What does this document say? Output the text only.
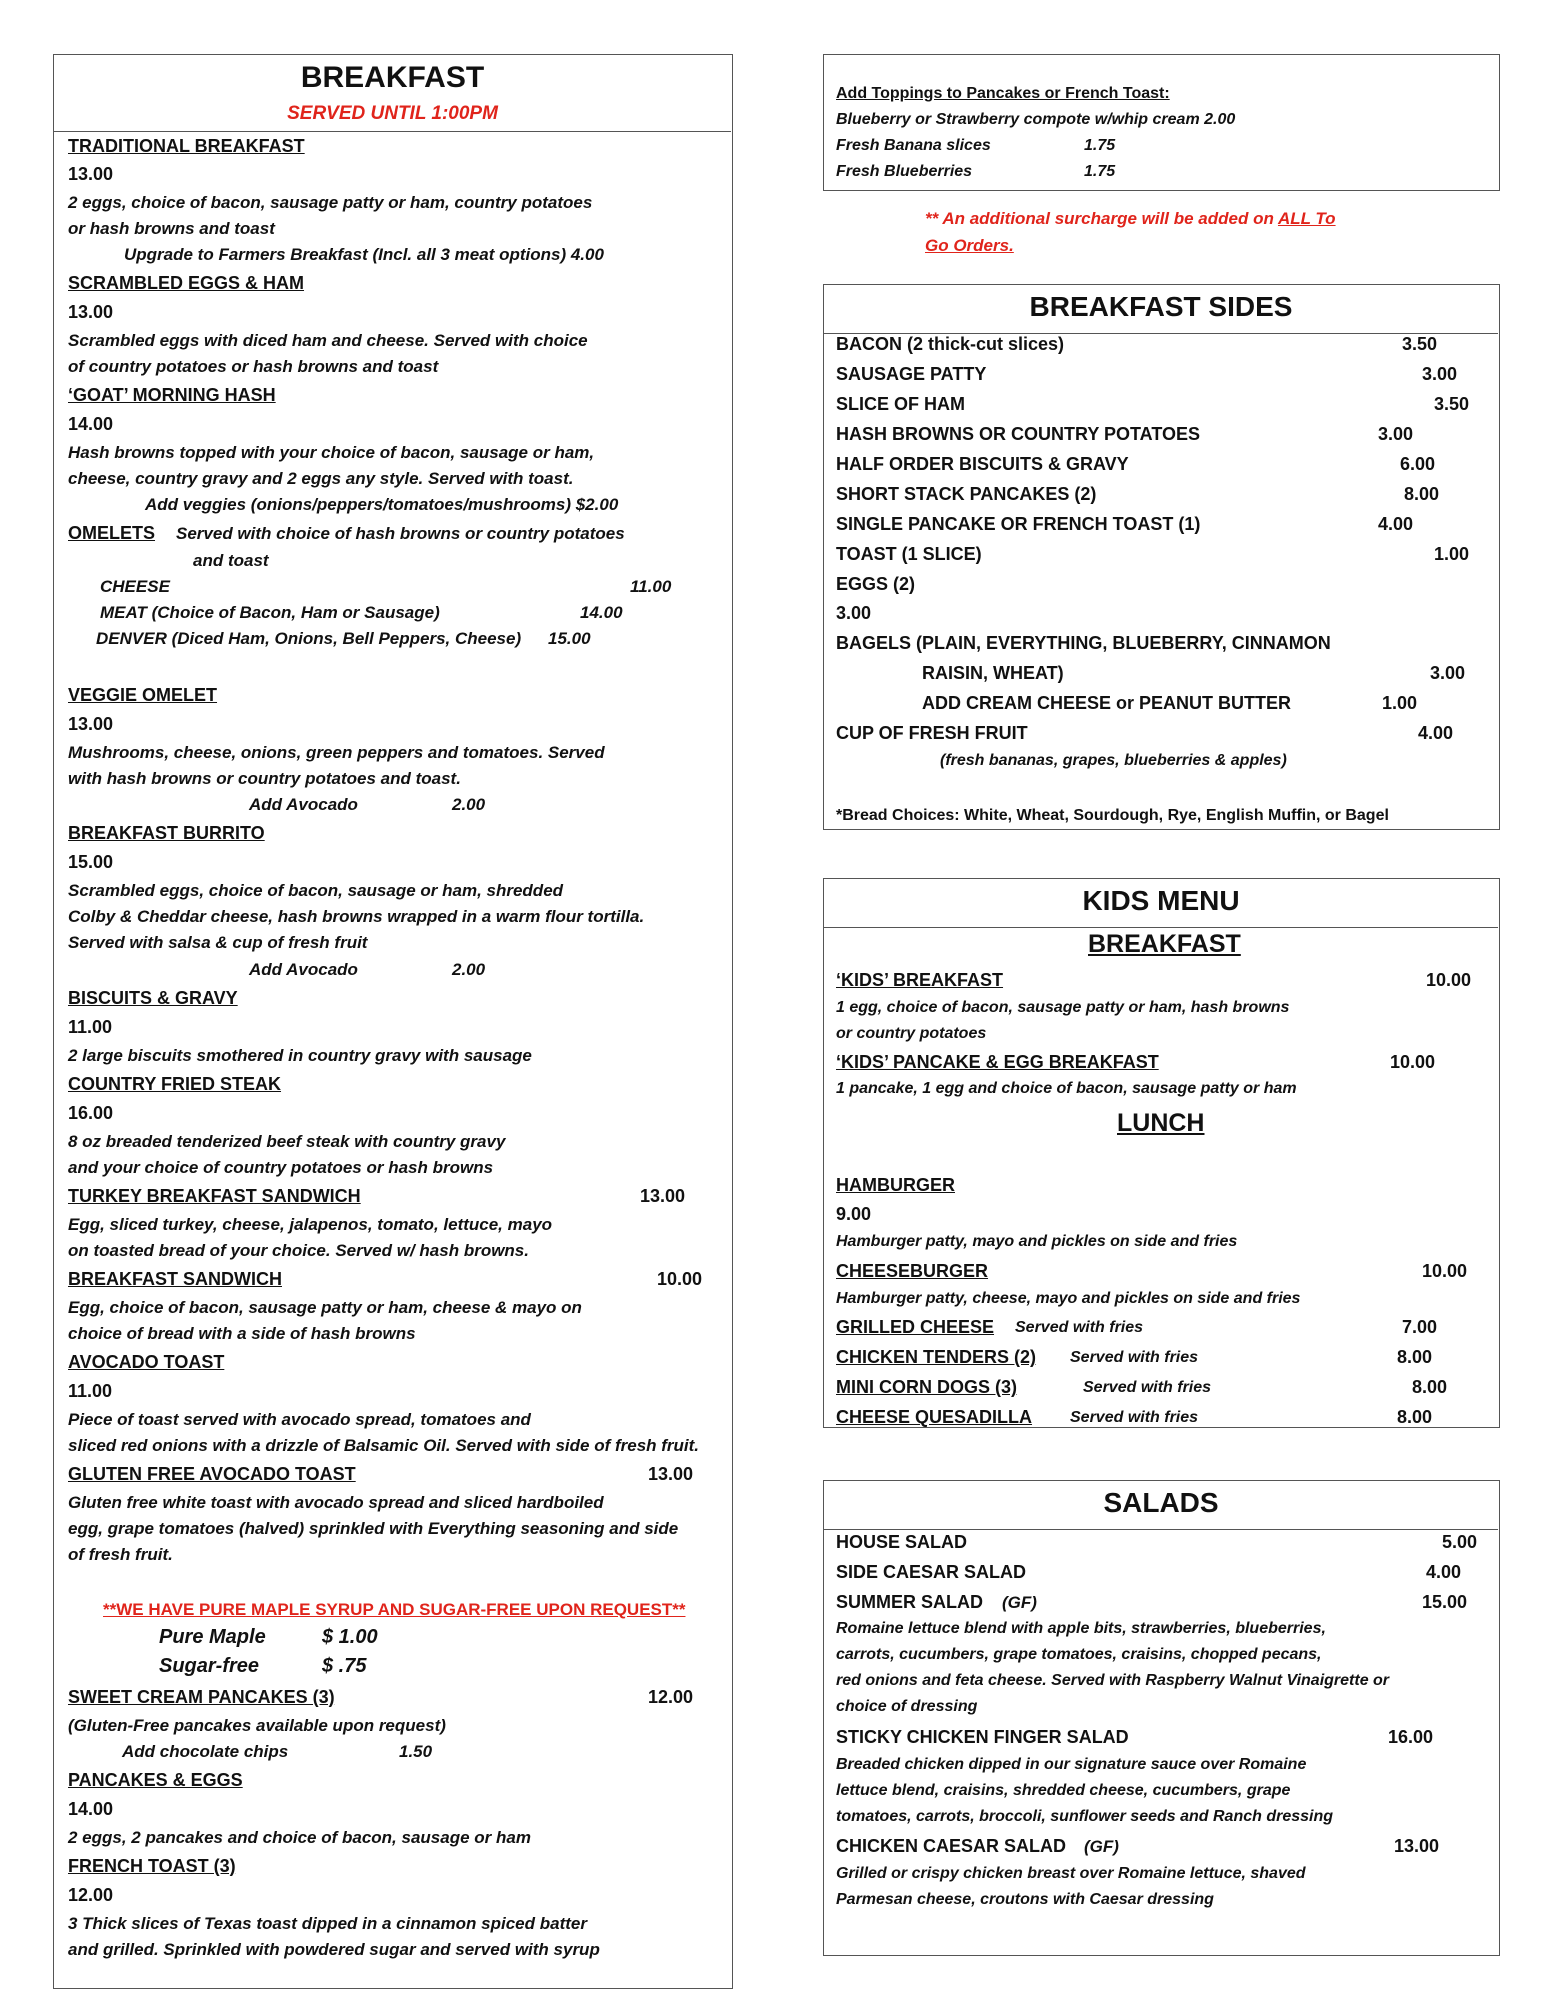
BREAKFAST
SERVED UNTIL 1:00PM
TRADITIONAL BREAKFAST
13.00
2 eggs, choice of bacon, sausage patty or ham, country potatoes
or hash browns and toast
Upgrade to Farmers Breakfast (Incl. all 3 meat options) 4.00
SCRAMBLED EGGS & HAM
13.00
Scrambled eggs with diced ham and cheese. Served with choice
of country potatoes or hash browns and toast
‘GOAT’ MORNING HASH
14.00
Hash browns topped with your choice of bacon, sausage or ham,
cheese, country gravy and 2 eggs any style. Served with toast.
Add veggies (onions/peppers/tomatoes/mushrooms) $2.00
OMELETS Served with choice of hash browns or country potatoes
and toast
CHEESE	11.00
MEAT (Choice of Bacon, Ham or Sausage)	14.00
DENVER (Diced Ham, Onions, Bell Peppers, Cheese) 15.00
VEGGIE OMELET
13.00
Mushrooms, cheese, onions, green peppers and tomatoes. Served
with hash browns or country potatoes and toast.
Add Avocado	2.00
BREAKFAST BURRITO
15.00
Scrambled eggs, choice of bacon, sausage or ham, shredded
Colby & Cheddar cheese, hash browns wrapped in a warm flour tortilla.
Served with salsa & cup of fresh fruit
Add Avocado	2.00
BISCUITS & GRAVY
11.00
2 large biscuits smothered in country gravy with sausage
COUNTRY FRIED STEAK
16.00
8 oz breaded tenderized beef steak with country gravy
and your choice of country potatoes or hash browns
TURKEY BREAKFAST SANDWICH	13.00
Egg, sliced turkey, cheese, jalapenos, tomato, lettuce, mayo
on toasted bread of your choice. Served w/ hash browns.
BREAKFAST SANDWICH	10.00
Egg, choice of bacon, sausage patty or ham, cheese & mayo on
choice of bread with a side of hash browns
AVOCADO TOAST
11.00
Piece of toast served with avocado spread, tomatoes and
sliced red onions with a drizzle of Balsamic Oil. Served with side of fresh fruit.
GLUTEN FREE AVOCADO TOAST	13.00
Gluten free white toast with avocado spread and sliced hardboiled
egg, grape tomatoes (halved) sprinkled with Everything seasoning and side
of fresh fruit.
**WE HAVE PURE MAPLE SYRUP AND SUGAR-FREE UPON REQUEST**
Pure Maple	$ 1.00
Sugar-free	$ .75
SWEET CREAM PANCAKES (3)	12.00
(Gluten-Free pancakes available upon request)
Add chocolate chips	1.50
PANCAKES & EGGS
14.00
2 eggs, 2 pancakes and choice of bacon, sausage or ham
FRENCH TOAST (3)
12.00
3 Thick slices of Texas toast dipped in a cinnamon spiced batter
and grilled. Sprinkled with powdered sugar and served with syrup
Add Toppings to Pancakes or French Toast:
Blueberry or Strawberry compote w/whip cream 2.00
Fresh Banana slices	1.75
Fresh Blueberries	1.75
** An additional surcharge will be added on ALL To
Go Orders.
BREAKFAST SIDES
BACON (2 thick-cut slices)	3.50
SAUSAGE PATTY	3.00
SLICE OF HAM	3.50
HASH BROWNS OR COUNTRY POTATOES	3.00
HALF ORDER BISCUITS & GRAVY	6.00
SHORT STACK PANCAKES (2)	8.00
SINGLE PANCAKE OR FRENCH TOAST (1)	4.00
TOAST (1 SLICE)	1.00
EGGS (2)
3.00
BAGELS (PLAIN, EVERYTHING, BLUEBERRY, CINNAMON
RAISIN, WHEAT)	3.00
ADD CREAM CHEESE or PEANUT BUTTER	1.00
CUP OF FRESH FRUIT	4.00
(fresh bananas, grapes, blueberries & apples)
*Bread Choices: White, Wheat, Sourdough, Rye, English Muffin, or Bagel
KIDS MENU
BREAKFAST
‘KIDS’ BREAKFAST	10.00
1 egg, choice of bacon, sausage patty or ham, hash browns
or country potatoes
‘KIDS’ PANCAKE & EGG BREAKFAST	10.00
1 pancake, 1 egg and choice of bacon, sausage patty or ham
LUNCH
HAMBURGER
9.00
Hamburger patty, mayo and pickles on side and fries
CHEESEBURGER	10.00
Hamburger patty, cheese, mayo and pickles on side and fries
GRILLED CHEESE Served with fries	7.00
CHICKEN TENDERS (2) Served with fries	8.00
MINI CORN DOGS (3)	Served with fries	8.00
CHEESE QUESADILLA Served with fries	8.00
SALADS
HOUSE SALAD	5.00
SIDE CAESAR SALAD	4.00
SUMMER SALAD (GF)	15.00
Romaine lettuce blend with apple bits, strawberries, blueberries,
carrots, cucumbers, grape tomatoes, craisins, chopped pecans,
red onions and feta cheese. Served with Raspberry Walnut Vinaigrette or
choice of dressing
STICKY CHICKEN FINGER SALAD	16.00
Breaded chicken dipped in our signature sauce over Romaine
lettuce blend, craisins, shredded cheese, cucumbers, grape
tomatoes, carrots, broccoli, sunflower seeds and Ranch dressing
CHICKEN CAESAR SALAD (GF)	13.00
Grilled or crispy chicken breast over Romaine lettuce, shaved
Parmesan cheese, croutons with Caesar dressing
